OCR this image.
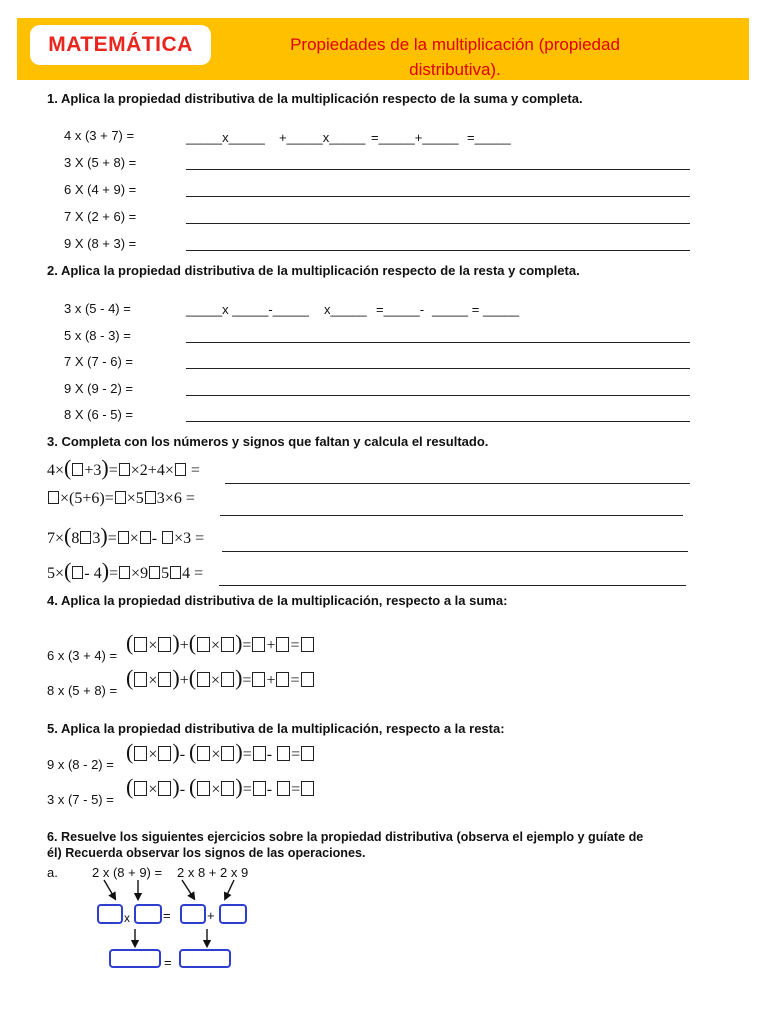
MATEMÁTICA	Propiedades de la multiplicación (propiedad
distributiva).
1. Aplica la propiedad distributiva de la multiplicación respecto de la suma y completa.
4 x (3 + 7) =	_____x_____ +_____x_____ =_____+_____ =_____
3 X (5 + 8) =
6 X (4 + 9) =
7 X (2 + 6) =
9 X (8 + 3) =
2. Aplica la propiedad distributiva de la multiplicación respecto de la resta y completa.
3 x (5 - 4) =	_____x _____-_____ x_____ =_____- _____ = _____
5 x (8 - 3) =
7 X (7 - 6) =
9 X (9 - 2) =
8 X (6 - 5) =
3. Completa con los números y signos que faltan y calcula el resultado.
4×( +3)= ×2+4× =
×(5+6)= ×5 3×6 =
7×(8 3)= × - ×3 =
5×( - 4)= ×9 5 4 =
4. Aplica la propiedad distributiva de la multiplicación, respecto a la suma:
6 x (3 + 4) =
( × )+( × )= + =
8 x (5 + 8) =
( × )+( × )= + =
5. Aplica la propiedad distributiva de la multiplicación, respecto a la resta:
9 x (8 - 2) =
( × )- ( × )= - =
3 x (7 - 5) =
( × )- ( × )= - =
6. Resuelve los siguientes ejercicios sobre la propiedad distributiva (observa el ejemplo y guíate de
él) Recuerda observar los signos de las operaciones.
a.	2 x (8 + 9) = 2 x 8 + 2 x 9
x	=	+
=
